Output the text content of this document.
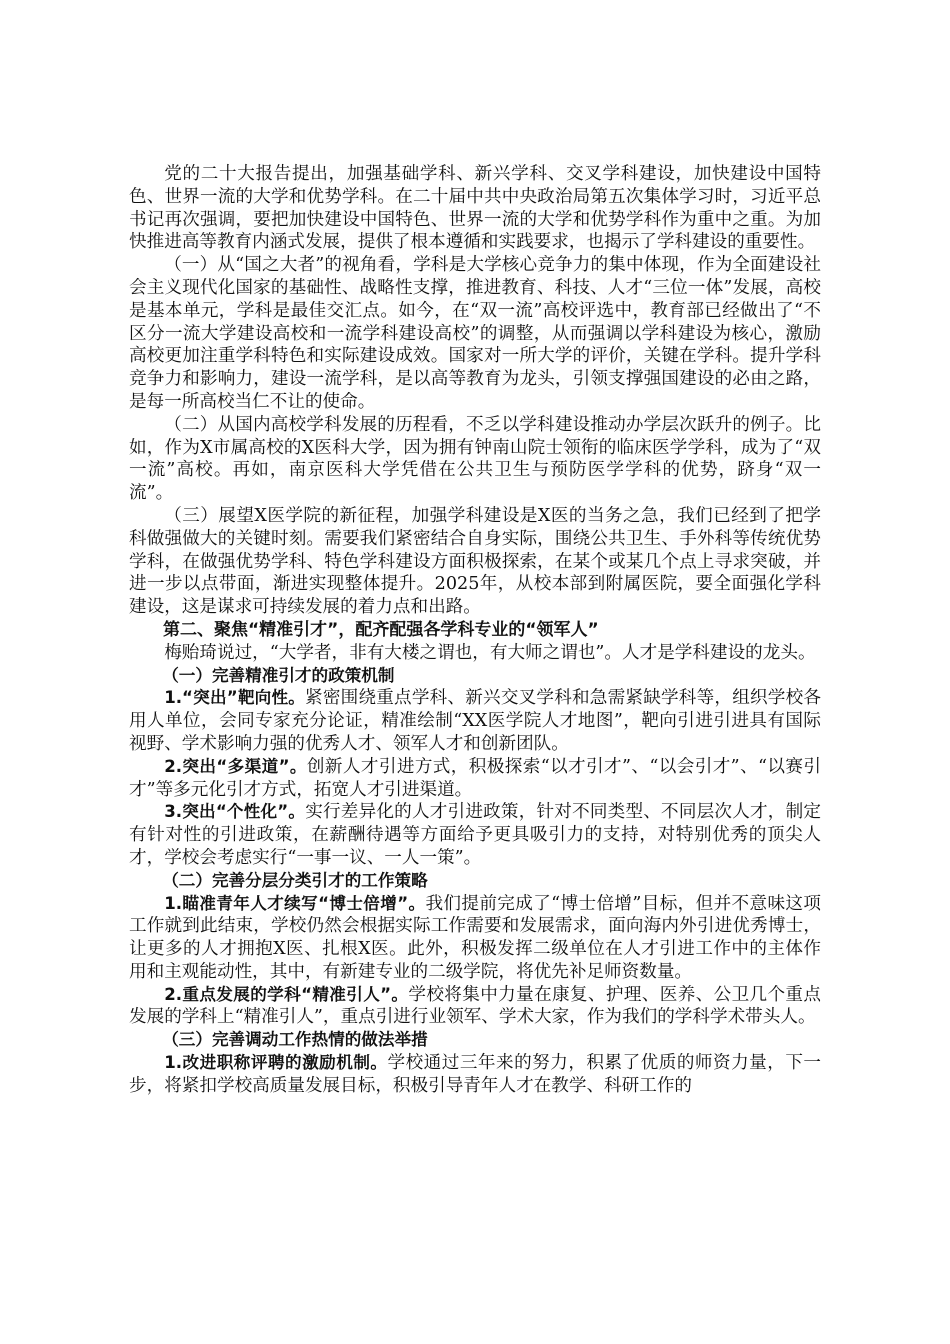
党的二十大报告提出，加强基础学科、新兴学科、交叉学科建设，加快建设中国特色、世界一流的大学和优势学科。在二十届中共中央政治局第五次集体学习时，习近平总书记再次强调，要把加快建设中国特色、世界一流的大学和优势学科作为重中之重。为加快推进高等教育内涵式发展，提供了根本遵循和实践要求，也揭示了学科建设的重要性。

（一）从“国之大者”的视角看，学科是大学核心竞争力的集中体现，作为全面建设社会主义现代化国家的基础性、战略性支撑，推进教育、科技、人才“三位一体”发展，高校是基本单元，学科是最佳交汇点。如今，在“双一流”高校评选中，教育部已经做出了“不区分一流大学建设高校和一流学科建设高校”的调整，从而强调以学科建设为核心，激励高校更加注重学科特色和实际建设成效。国家对一所大学的评价，关键在学科。提升学科竞争力和影响力，建设一流学科，是以高等教育为龙头，引领支撑强国建设的必由之路，是每一所高校当仁不让的使命。

（二）从国内高校学科发展的历程看，不乏以学科建设推动办学层次跃升的例子。比如，作为X市属高校的X医科大学，因为拥有钟南山院士领衔的临床医学学科，成为了“双一流”高校。再如，南京医科大学凭借在公共卫生与预防医学学科的优势，跻身“双一流”。

（三）展望X医学院的新征程，加强学科建设是X医的当务之急，我们已经到了把学科做强做大的关键时刻。需要我们紧密结合自身实际，围绕公共卫生、手外科等传统优势学科，在做强优势学科、特色学科建设方面积极探索，在某个或某几个点上寻求突破，并进一步以点带面，渐进实现整体提升。2025年，从校本部到附属医院，要全面强化学科建设，这是谋求可持续发展的着力点和出路。

第二、聚焦“精准引才”，配齐配强各学科专业的“领军人”

梅贻琦说过，“大学者，非有大楼之谓也，有大师之谓也”。人才是学科建设的龙头。

（一）完善精准引才的政策机制

1.“突出”靶向性。紧密围绕重点学科、新兴交叉学科和急需紧缺学科等，组织学校各用人单位，会同专家充分论证，精准绘制“XX医学院人才地图”，靶向引进引进具有国际视野、学术影响力强的优秀人才、领军人才和创新团队。

2.突出“多渠道”。创新人才引进方式，积极探索“以才引才”、“以会引才”、“以赛引才”等多元化引才方式，拓宽人才引进渠道。

3.突出“个性化”。实行差异化的人才引进政策，针对不同类型、不同层次人才，制定有针对性的引进政策，在薪酬待遇等方面给予更具吸引力的支持，对特别优秀的顶尖人才，学校会考虑实行“一事一议、一人一策”。

（二）完善分层分类引才的工作策略

1.瞄准青年人才续写“博士倍增”。我们提前完成了“博士倍增”目标，但并不意味这项工作就到此结束，学校仍然会根据实际工作需要和发展需求，面向海内外引进优秀博士，让更多的人才拥抱X医、扎根X医。此外，积极发挥二级单位在人才引进工作中的主体作用和主观能动性，其中，有新建专业的二级学院，将优先补足师资数量。

2.重点发展的学科“精准引人”。学校将集中力量在康复、护理、医养、公卫几个重点发展的学科上“精准引人”，重点引进行业领军、学术大家，作为我们的学科学术带头人。

（三）完善调动工作热情的做法举措

1.改进职称评聘的激励机制。学校通过三年来的努力，积累了优质的师资力量，下一步，将紧扣学校高质量发展目标，积极引导青年人才在教学、科研工作的
